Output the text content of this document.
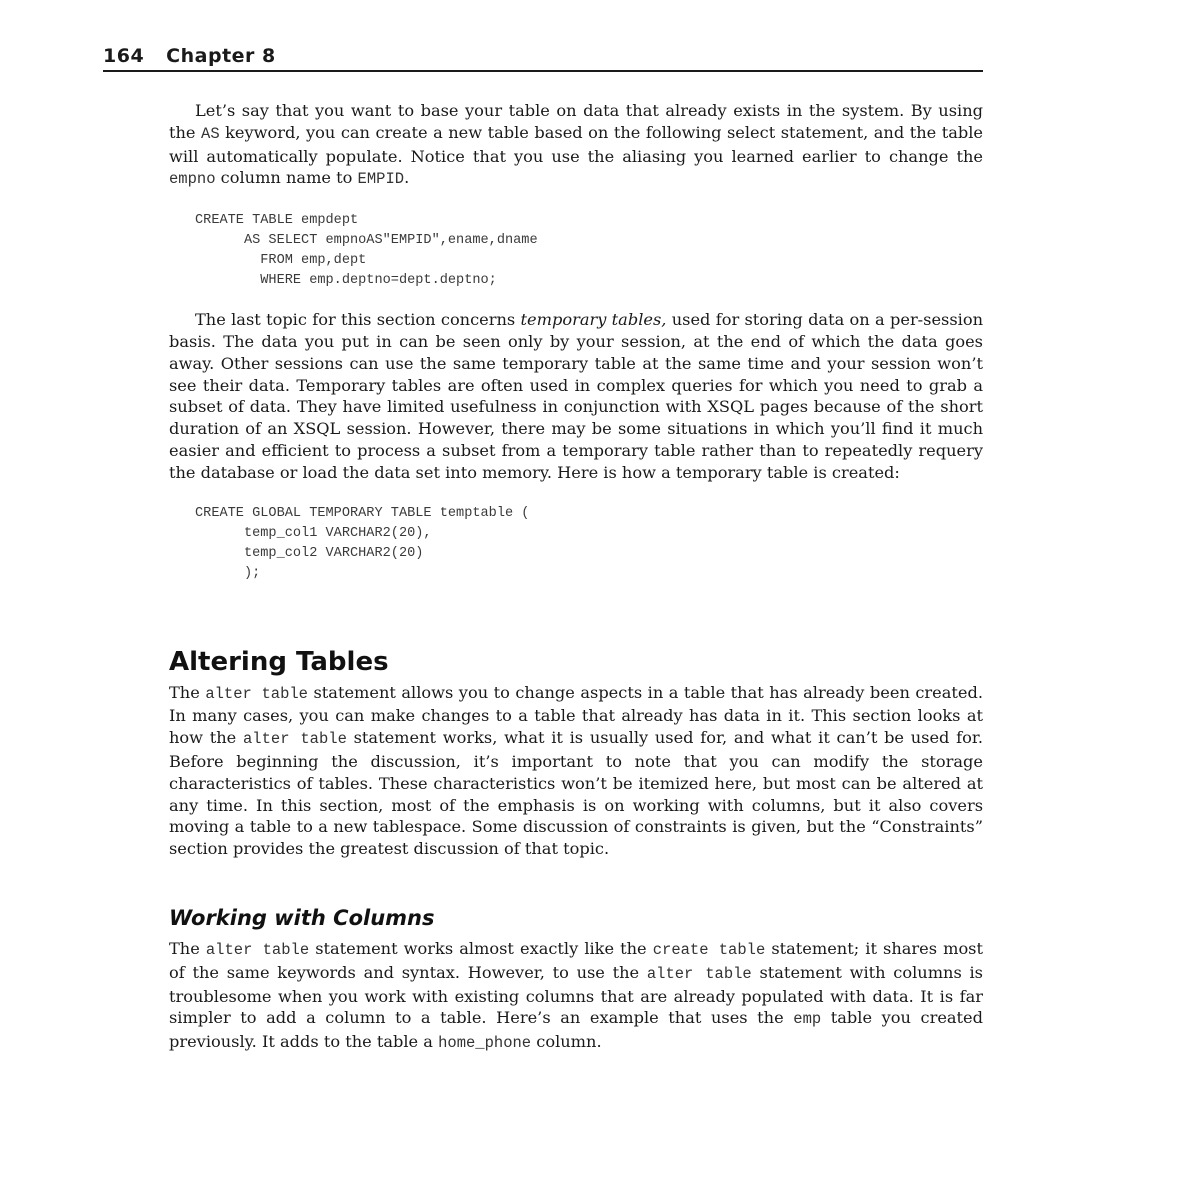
164 Chapter 8

Let’s say that you want to base your table on data that already exists in the system. By using the AS keyword, you can create a new table based on the following select statement, and the table will automatically populate. Notice that you use the aliasing you learned earlier to change the empno column name to EMPID.

CREATE TABLE empdept
AS SELECT empnoAS"EMPID",ename,dname
FROM emp,dept
WHERE emp.deptno=dept.deptno;

The last topic for this section concerns temporary tables, used for storing data on a per-session basis. The data you put in can be seen only by your session, at the end of which the data goes away. Other sessions can use the same temporary table at the same time and your session won’t see their data. Temporary tables are often used in complex queries for which you need to grab a subset of data. They have limited usefulness in conjunction with XSQL pages because of the short duration of an XSQL session. However, there may be some situations in which you’ll find it much easier and efficient to process a subset from a temporary table rather than to repeatedly requery the database or load the data set into memory. Here is how a temporary table is created:

CREATE GLOBAL TEMPORARY TABLE temptable (
temp_col1 VARCHAR2(20),
temp_col2 VARCHAR2(20)
);
Altering Tables

The alter table statement allows you to change aspects in a table that has already been created. In many cases, you can make changes to a table that already has data in it. This section looks at how the alter table statement works, what it is usually used for, and what it can’t be used for. Before beginning the discussion, it’s important to note that you can modify the storage characteristics of tables. These characteristics won’t be itemized here, but most can be altered at any time. In this section, most of the emphasis is on working with columns, but it also covers moving a table to a new tablespace. Some discussion of constraints is given, but the “Constraints” section provides the greatest discussion of that topic.

Working with Columns

The alter table statement works almost exactly like the create table statement; it shares most of the same keywords and syntax. However, to use the alter table statement with columns is troublesome when you work with existing columns that are already populated with data. It is far simpler to add a column to a table. Here’s an example that uses the emp table you created previously. It adds to the table a home_phone column.
